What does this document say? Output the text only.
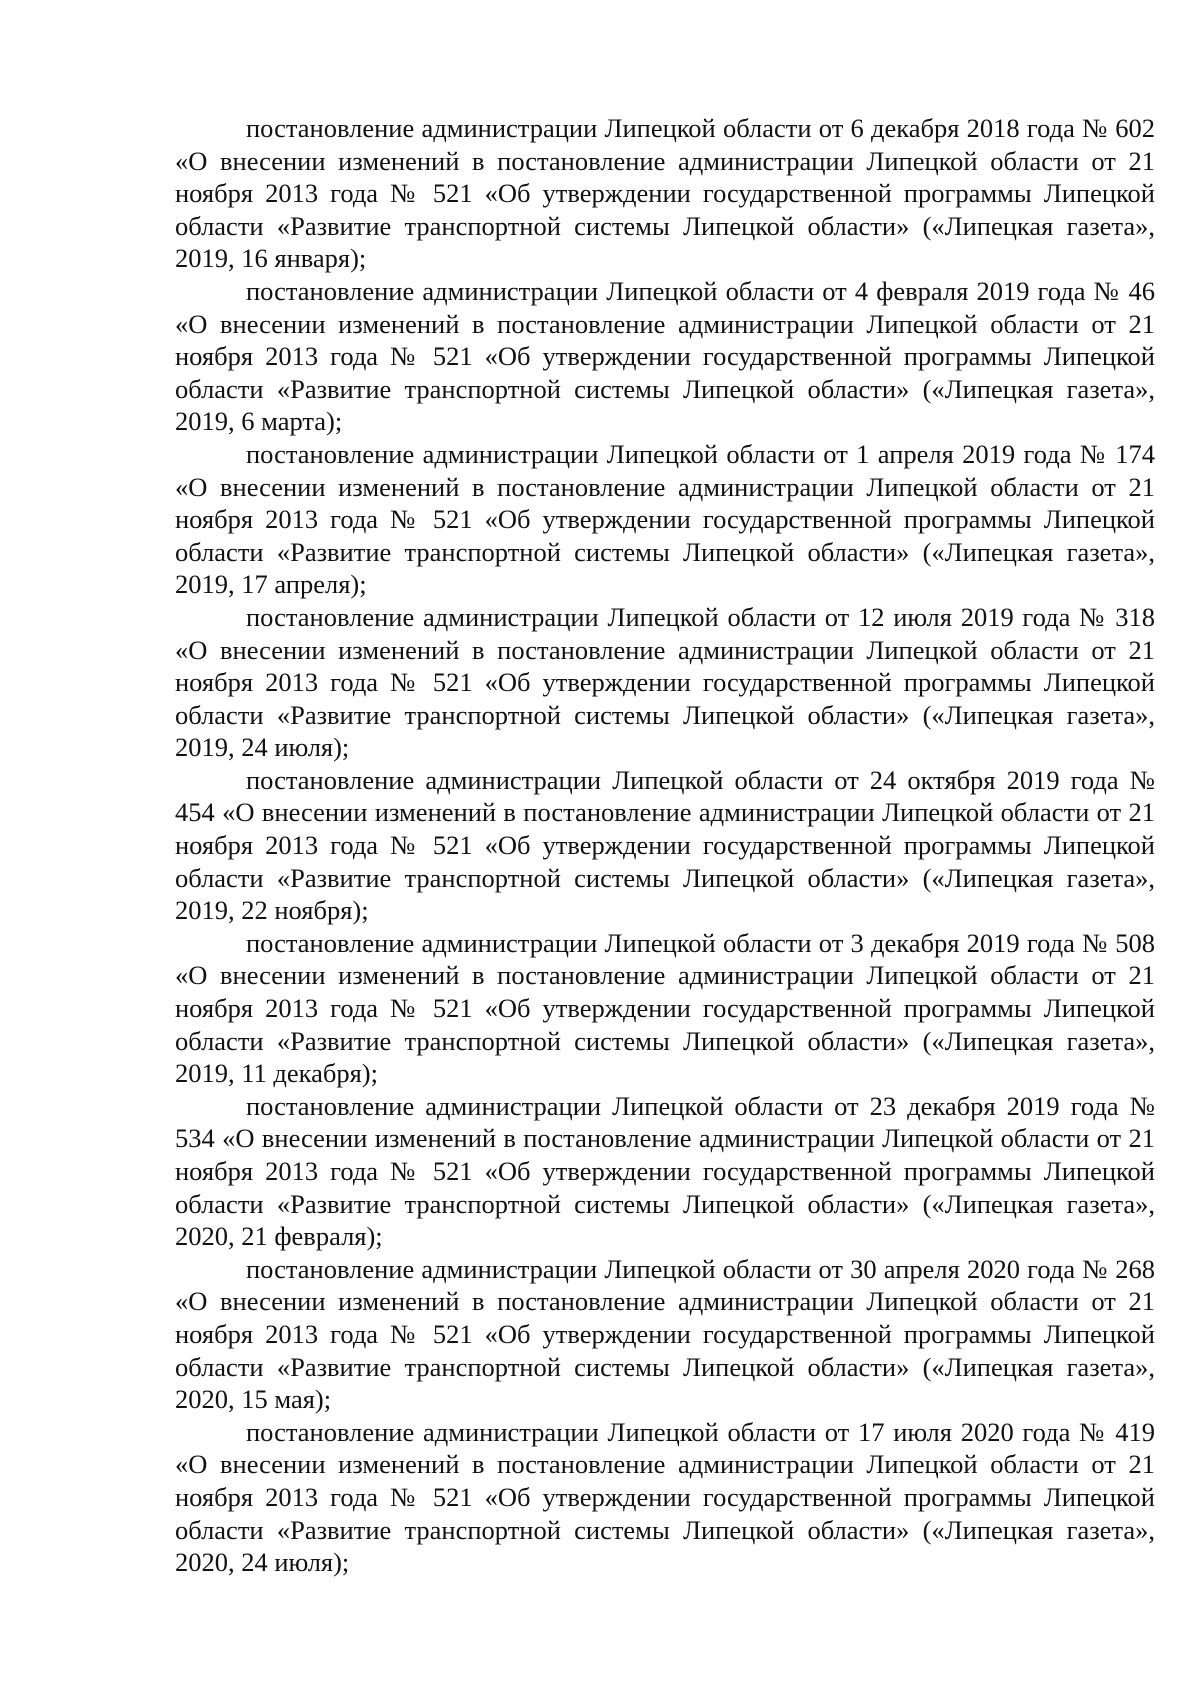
постановление администрации Липецкой области от 6 декабря 2018 года № 602 «О внесении изменений в постановление администрации Липецкой области от 21 ноября 2013 года № 521 «Об утверждении государственной программы Липецкой области «Развитие транспортной системы Липецкой области» («Липецкая газета», 2019, 16 января);

постановление администрации Липецкой области от 4 февраля 2019 года № 46 «О внесении изменений в постановление администрации Липецкой области от 21 ноября 2013 года № 521 «Об утверждении государственной программы Липецкой области «Развитие транспортной системы Липецкой области» («Липецкая газета», 2019, 6 марта);

постановление администрации Липецкой области от 1 апреля 2019 года № 174 «О внесении изменений в постановление администрации Липецкой области от 21 ноября 2013 года № 521 «Об утверждении государственной программы Липецкой области «Развитие транспортной системы Липецкой области» («Липецкая газета», 2019, 17 апреля);

постановление администрации Липецкой области от 12 июля 2019 года № 318 «О внесении изменений в постановление администрации Липецкой области от 21 ноября 2013 года № 521 «Об утверждении государственной программы Липецкой области «Развитие транспортной системы Липецкой области» («Липецкая газета», 2019, 24 июля);

постановление администрации Липецкой области от 24 октября 2019 года № 454 «О внесении изменений в постановление администрации Липецкой области от 21 ноября 2013 года № 521 «Об утверждении государственной программы Липецкой области «Развитие транспортной системы Липецкой области» («Липецкая газета», 2019, 22 ноября);

постановление администрации Липецкой области от 3 декабря 2019 года № 508 «О внесении изменений в постановление администрации Липецкой области от 21 ноября 2013 года № 521 «Об утверждении государственной программы Липецкой области «Развитие транспортной системы Липецкой области» («Липецкая газета», 2019, 11 декабря);

постановление администрации Липецкой области от 23 декабря 2019 года № 534 «О внесении изменений в постановление администрации Липецкой области от 21 ноября 2013 года № 521 «Об утверждении государственной программы Липецкой области «Развитие транспортной системы Липецкой области» («Липецкая газета», 2020, 21 февраля);

постановление администрации Липецкой области от 30 апреля 2020 года № 268 «О внесении изменений в постановление администрации Липецкой области от 21 ноября 2013 года № 521 «Об утверждении государственной программы Липецкой области «Развитие транспортной системы Липецкой области» («Липецкая газета», 2020, 15 мая);

постановление администрации Липецкой области от 17 июля 2020 года № 419 «О внесении изменений в постановление администрации Липецкой области от 21 ноября 2013 года № 521 «Об утверждении государственной программы Липецкой области «Развитие транспортной системы Липецкой области» («Липецкая газета», 2020, 24 июля);
